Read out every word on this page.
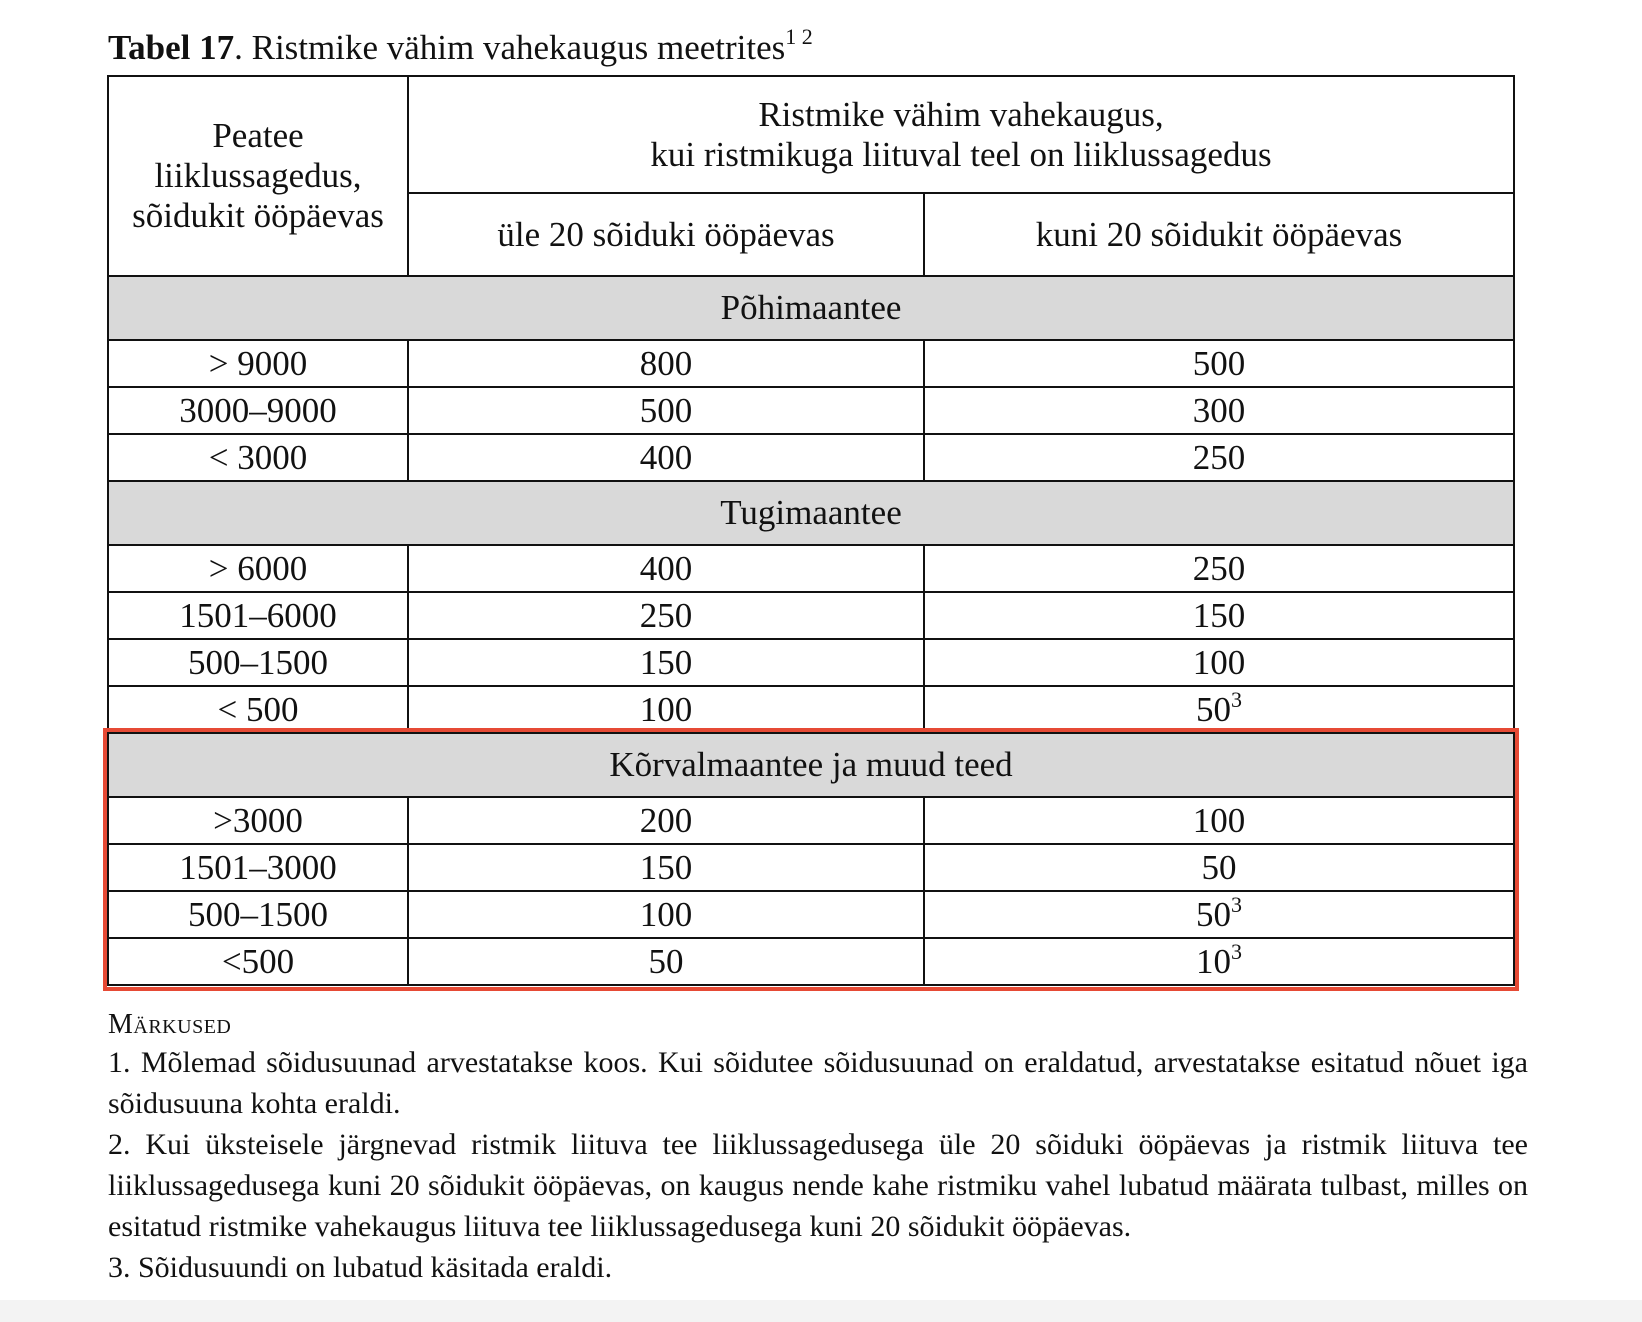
Tabel 17. Ristmike vähim vahekaugus meetrites$^{1 2}$
Peatee
liiklussagedus,
sõidukit ööpäevas	Ristmike vähim vahekaugus,
kui ristmikuga liituval teel on liiklussagedus	

	üle 20 sõiduki ööpäevas	kuni 20 sõidukit ööpäevas
Põhimaantee		
> 9000	800	500
3000–9000	500	300
< 3000	400	250
Tugimaantee		
> 6000	400	250
1501–6000	250	150
500–1500	150	100
< 500	100	$50^3$
Kõrvalmaantee ja muud teed		
>3000	200	100
1501–3000	150	50
500–1500	100	$50^3$
<500	50	$10^3$
Märkused

1. Mõlemad sõidusuunad arvestatakse koos. Kui sõidutee sõidusuunad on eraldatud, arvestatakse esitatud nõuet iga sõidusuuna kohta eraldi.

2. Kui üksteisele järgnevad ristmik liituva tee liiklussagedusega üle 20 sõiduki ööpäevas ja ristmik liituva tee liiklussagedusega kuni 20 sõidukit ööpäevas, on kaugus nende kahe ristmiku vahel lubatud määrata tulbast, milles on esitatud ristmike vahekaugus liituva tee liiklussagedusega kuni 20 sõidukit ööpäevas.

3. Sõidusuundi on lubatud käsitada eraldi.
